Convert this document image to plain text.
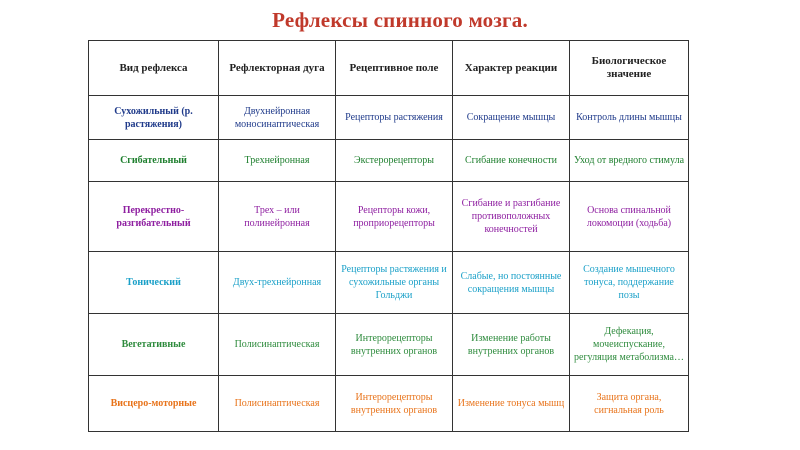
Рефлексы спинного мозга.
Вид рефлекса	Рефлекторная дуга	Рецептивное поле	Характер реакции	Биологическое значение
Сухожильный (р. растяжения)	Двухнейронная моносинаптическая	Рецепторы растяжения	Сокращение мышцы	Контроль длины мышцы
Сгибательный	Трехнейронная	Экстерорецепторы	Сгибание конечности	Уход от вредного стимула
Перекрестно-разгибательный	Трех – или полинейронная	Рецепторы кожи, проприорецепторы	Сгибание и разгибание противоположных конечностей	Основа спинальной локомоции (ходьба)
Тонический	Двух-трехнейронная	Рецепторы растяжения и сухожильные органы Гольджи	Слабые, но постоянные сокращения мышцы	Создание мышечного тонуса, поддержание позы
Вегетативные	Полисинаптическая	Интерорецепторы внутренних органов	Изменение работы внутренних органов	Дефекация, мочеиспускание, регуляция метаболизма…
Висцеро-моторные	Полисинаптическая	Интерорецепторы внутренних органов	Изменение тонуса мышц	Защита органа, сигнальная роль
